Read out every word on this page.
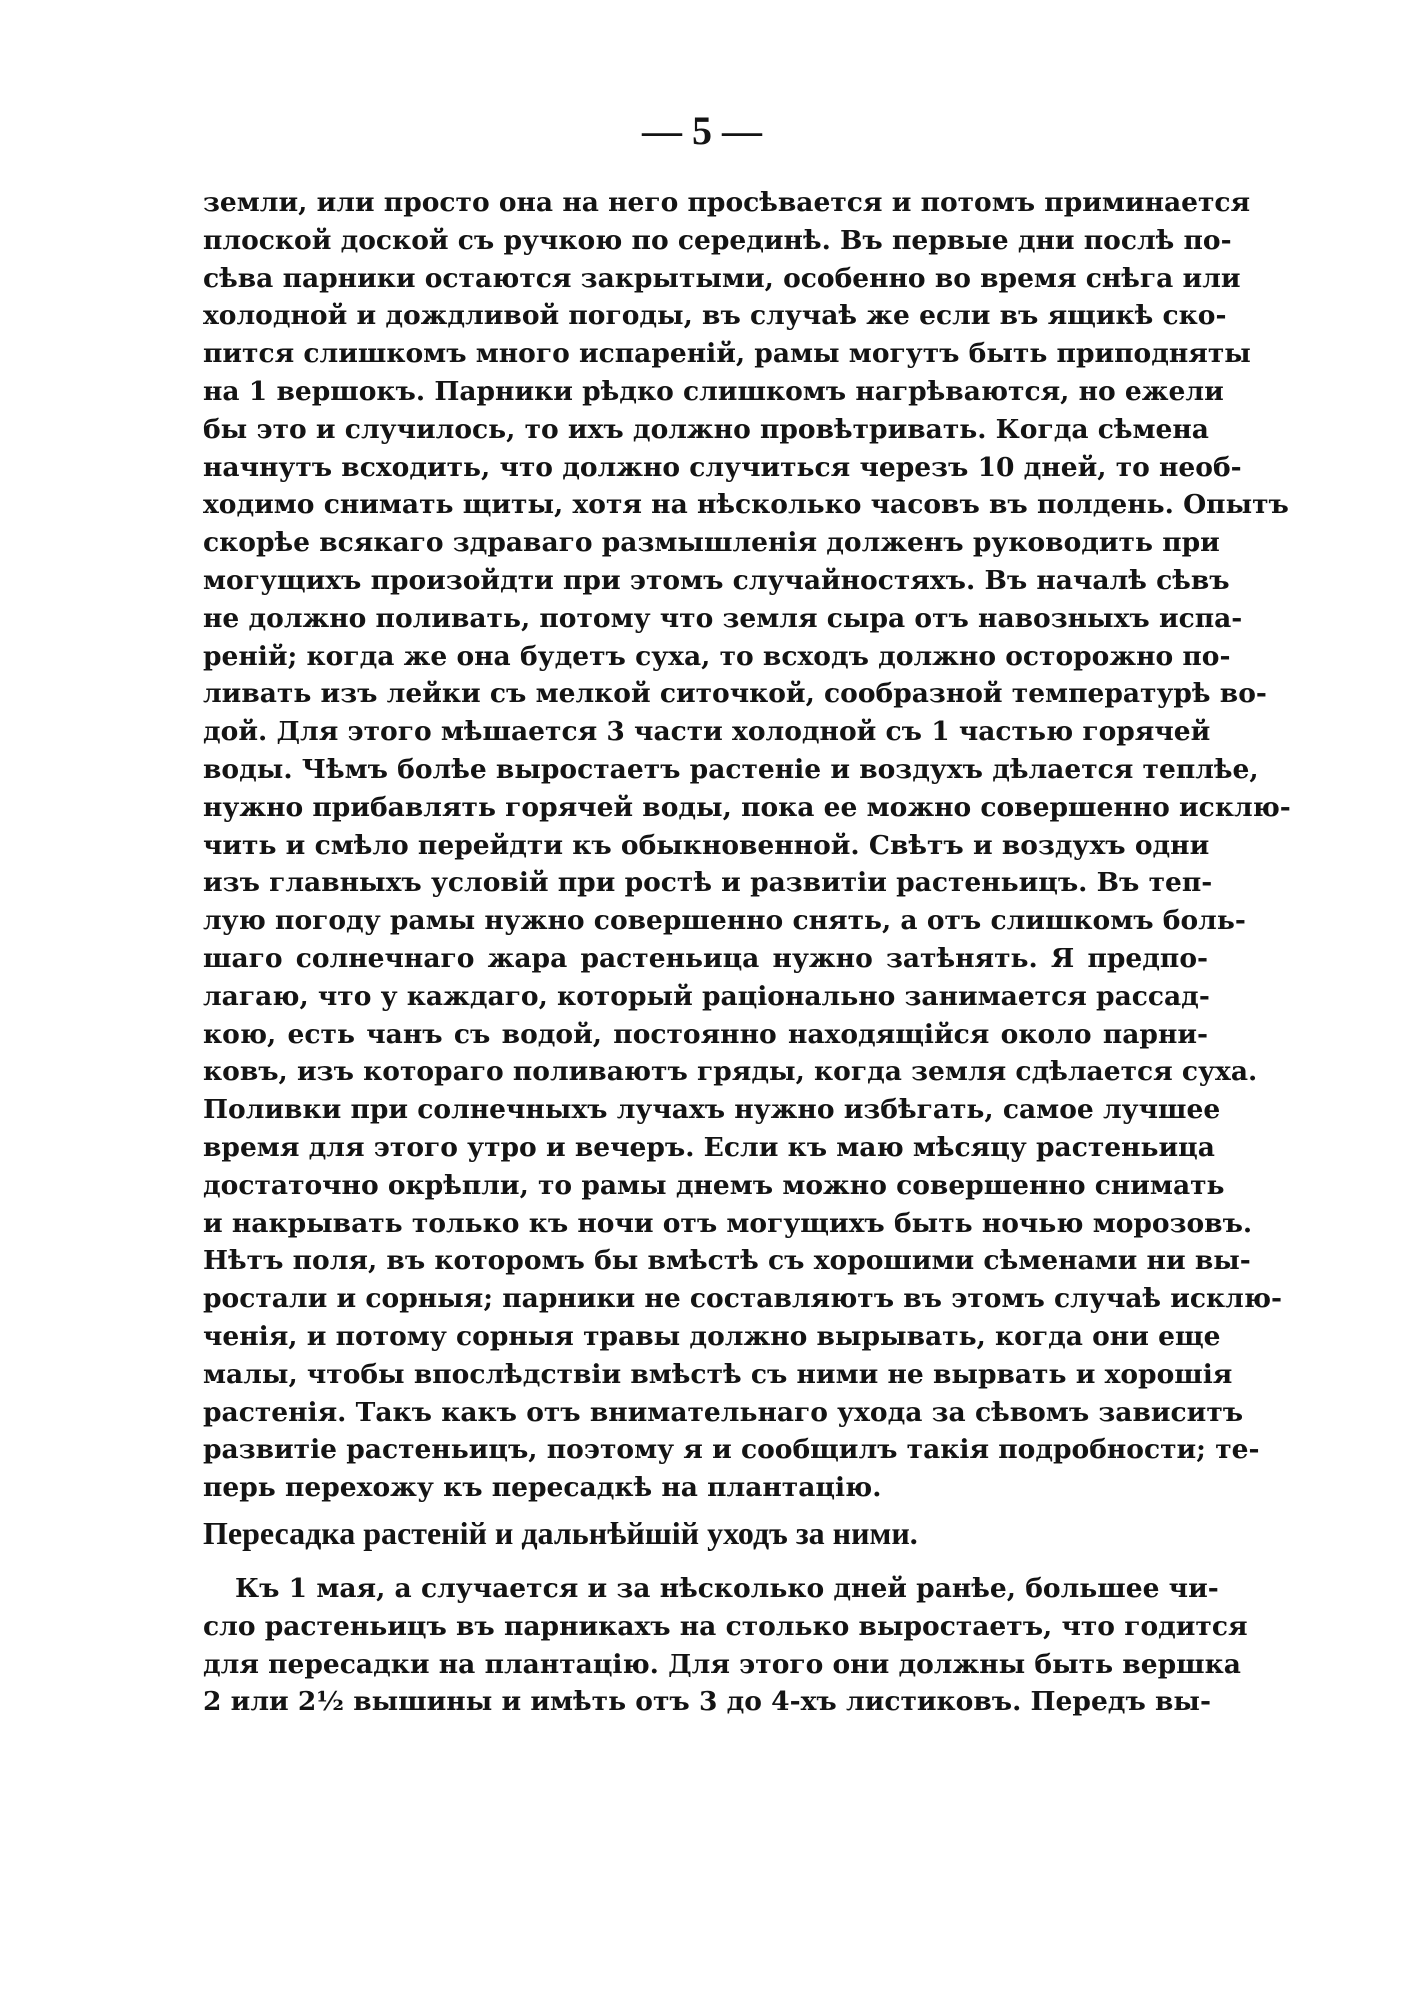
— 5 —
земли, или просто она на него просѣвается и потомъ приминается
плоской доской съ ручкою по серединѣ. Въ первые дни послѣ по-
сѣва парники остаются закрытыми, особенно во время снѣга или
холодной и дождливой погоды, въ случаѣ же если въ ящикѣ ско-
пится слишкомъ много испареній, рамы могутъ быть приподняты
на 1 вершокъ. Парники рѣдко слишкомъ нагрѣваются, но ежели
бы это и случилось, то ихъ должно провѣтривать. Когда сѣмена
начнутъ всходить, что должно случиться черезъ 10 дней, то необ-
ходимо снимать щиты, хотя на нѣсколько часовъ въ полдень. Опытъ
скорѣе всякаго здраваго размышленія долженъ руководить при
могущихъ произойдти при этомъ случайностяхъ. Въ началѣ сѣвъ
не должно поливать, потому что земля сыра отъ навозныхъ испа-
реній; когда же она будетъ суха, то всходъ должно осторожно по-
ливать изъ лейки съ мелкой ситочкой, сообразной температурѣ во-
дой. Для этого мѣшается 3 части холодной съ 1 частью горячей
воды. Чѣмъ болѣе выростаетъ растеніе и воздухъ дѣлается теплѣе,
нужно прибавлять горячей воды, пока ее можно совершенно исклю-
чить и смѣло перейдти къ обыкновенной. Свѣтъ и воздухъ одни
изъ главныхъ условій при ростѣ и развитіи растеньицъ. Въ теп-
лую погоду рамы нужно совершенно снять, а отъ слишкомъ боль-
шаго солнечнаго жара растеньица нужно затѣнять. Я предпо-
лагаю, что у каждаго, который раціонально занимается рассад-
кою, есть чанъ съ водой, постоянно находящійся около парни-
ковъ, изъ котораго поливаютъ гряды, когда земля сдѣлается суха.
Поливки при солнечныхъ лучахъ нужно избѣгать, самое лучшее
время для этого утро и вечеръ. Если къ маю мѣсяцу растеньица
достаточно окрѣпли, то рамы днемъ можно совершенно снимать
и накрывать только къ ночи отъ могущихъ быть ночью морозовъ.
Нѣтъ поля, въ которомъ бы вмѣстѣ съ хорошими сѣменами ни вы-
ростали и сорныя; парники не составляютъ въ этомъ случаѣ исклю-
ченія, и потому сорныя травы должно вырывать, когда они еще
малы, чтобы впослѣдствіи вмѣстѣ съ ними не вырвать и хорошія
растенія. Такъ какъ отъ внимательнаго ухода за сѣвомъ зависитъ
развитіе растеньицъ, поэтому я и сообщилъ такія подробности; те-
перь перехожу къ пересадкѣ на плантацію.
Пересадка растеній и дальнѣйшій уходъ за ними.
Къ 1 мая, а случается и за нѣсколько дней ранѣе, большее чи-
сло растеньицъ въ парникахъ на столько выростаетъ, что годится
для пересадки на плантацію. Для этого они должны быть вершка
2 или 2½ вышины и имѣть отъ 3 до 4-хъ листиковъ. Передъ вы-
